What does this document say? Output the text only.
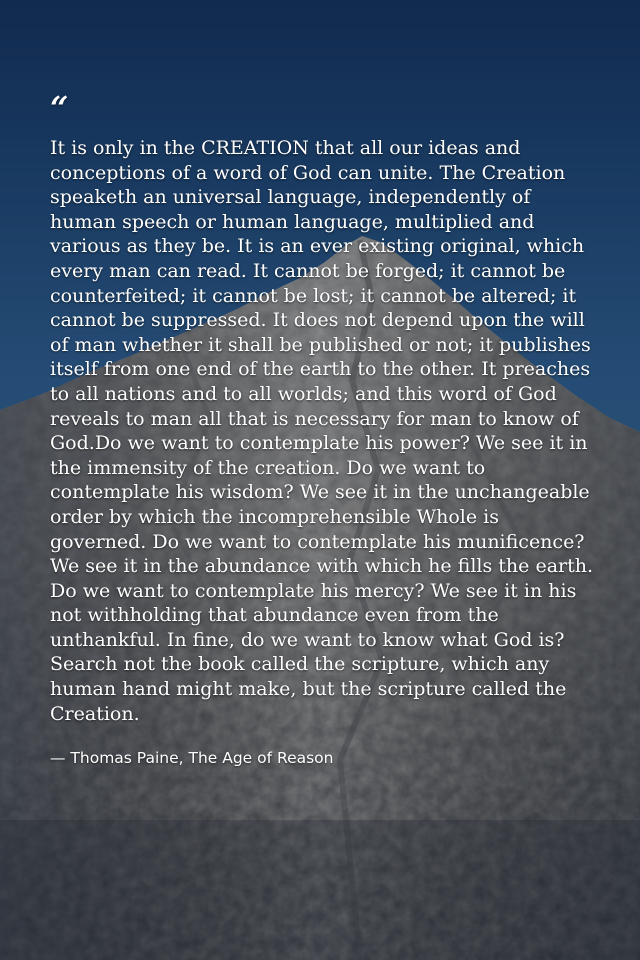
“

It is only in the CREATION that all our ideas and conceptions of a word of God can unite. The Creation speaketh an universal language, independently of human speech or human language, multiplied and various as they be. It is an ever existing original, which every man can read. It cannot be forged; it cannot be counterfeited; it cannot be lost; it cannot be altered; it cannot be suppressed. It does not depend upon the will of man whether it shall be published or not; it publishes itself from one end of the earth to the other. It preaches to all nations and to all worlds; and this word of God reveals to man all that is necessary for man to know of God.Do we want to contemplate his power? We see it in the immensity of the creation. Do we want to contemplate his wisdom? We see it in the unchangeable order by which the incomprehensible Whole is governed. Do we want to contemplate his munificence? We see it in the abundance with which he fills the earth. Do we want to contemplate his mercy? We see it in his not withholding that abundance even from the unthankful. In fine, do we want to know what God is? Search not the book called the scripture, which any human hand might make, but the scripture called the Creation.

— Thomas Paine, The Age of Reason
